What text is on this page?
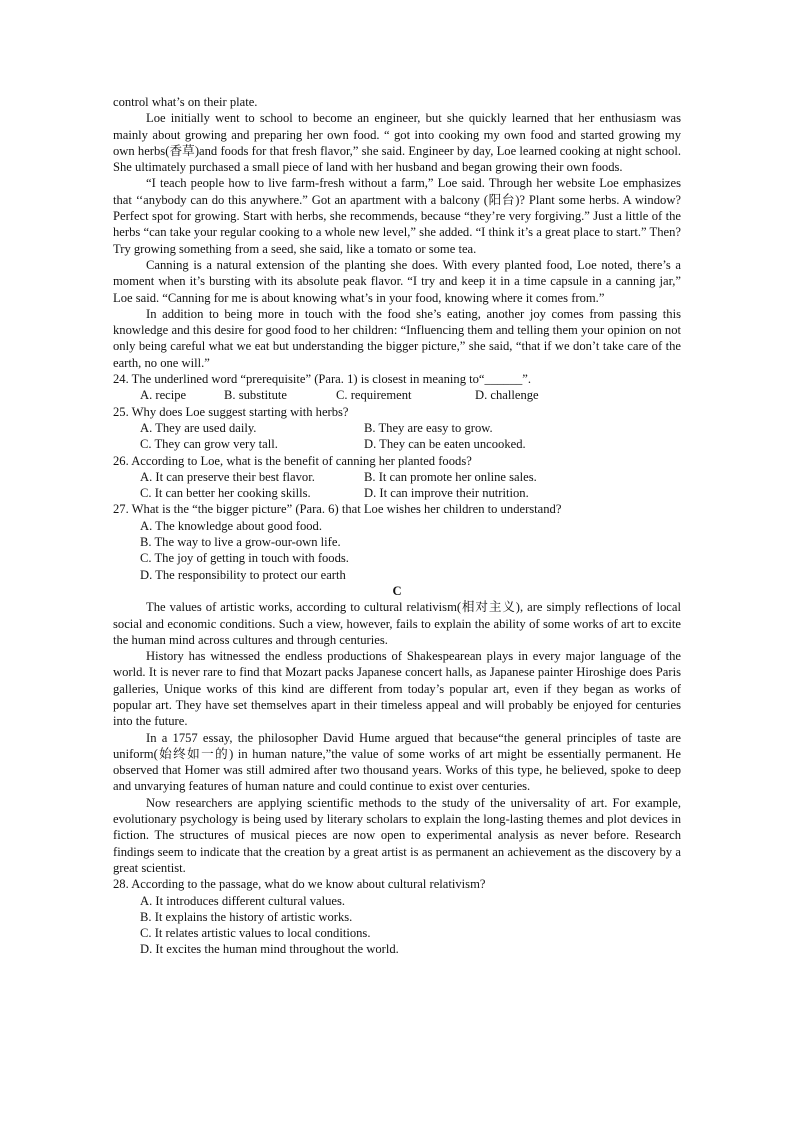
control what’s on their plate.

Loe initially went to school to become an engineer, but she quickly learned that her enthusiasm was mainly about growing and preparing her own food. “ got into cooking my own food and started growing my own herbs(香草)and foods for that fresh flavor,” she said. Engineer by day, Loe learned cooking at night school. She ultimately purchased a small piece of land with her husband and began growing their own foods.

“I teach people how to live farm-fresh without a farm,” Loe said. Through her website Loe emphasizes that ‘‘anybody can do this anywhere.” Got an apartment with a balcony (阳台)? Plant some herbs. A window? Perfect spot for growing. Start with herbs, she recommends, because “they’re very forgiving.” Just a little of the herbs “can take your regular cooking to a whole new level,” she added. “I think it’s a great place to start.” Then? Try growing something from a seed, she said, like a tomato or some tea.

Canning is a natural extension of the planting she does. With every planted food, Loe noted, there’s a moment when it’s bursting with its absolute peak flavor. “I try and keep it in a time capsule in a canning jar,” Loe said. “Canning for me is about knowing what’s in your food, knowing where it comes from.”

In addition to being more in touch with the food she’s eating, another joy comes from passing this knowledge and this desire for good food to her children: “Influencing them and telling them your opinion on not only being careful what we eat but understanding the bigger picture,” she said, “that if we don’t take care of the earth, no one will.”

24. The underlined word “prerequisite” (Para. 1) is closest in meaning to“______”.

A. recipe	B. substitute	C. requirement	D. challenge

25. Why does Loe suggest starting with herbs?

A. They are used daily.	B. They are easy to grow.
C. They can grow very tall.	D. They can be eaten uncooked.

26. According to Loe, what is the benefit of canning her planted foods?

A. It can preserve their best flavor.	B. It can promote her online sales.
C. It can better her cooking skills.	D. It can improve their nutrition.

27. What is the “the bigger picture” (Para. 6) that Loe wishes her children to understand?

A. The knowledge about good food.

B. The way to live a grow-our-own life.

C. The joy of getting in touch with foods.

D. The responsibility to protect our earth

C

The values of artistic works, according to cultural relativism(相对主义), are simply reflections of local social and economic conditions. Such a view, however, fails to explain the ability of some works of art to excite the human mind across cultures and through centuries.

History has witnessed the endless productions of Shakespearean plays in every major language of the world. It is never rare to find that Mozart packs Japanese concert halls, as Japanese painter Hiroshige does Paris galleries, Unique works of this kind are different from today’s popular art, even if they began as works of popular art. They have set themselves apart in their timeless appeal and will probably be enjoyed for centuries into the future.

In a 1757 essay, the philosopher David Hume argued that because“the general principles of taste are uniform(始终如一的) in human nature,”the value of some works of art might be essentially permanent. He observed that Homer was still admired after two thousand years. Works of this type, he believed, spoke to deep and unvarying features of human nature and could continue to exist over centuries.

Now researchers are applying scientific methods to the study of the universality of art. For example, evolutionary psychology is being used by literary scholars to explain the long-lasting themes and plot devices in fiction. The structures of musical pieces are now open to experimental analysis as never before. Research findings seem to indicate that the creation by a great artist is as permanent an achievement as the discovery by a great scientist.

28. According to the passage, what do we know about cultural relativism?

A. It introduces different cultural values.

B. It explains the history of artistic works.

C. It relates artistic values to local conditions.

D. It excites the human mind throughout the world.
